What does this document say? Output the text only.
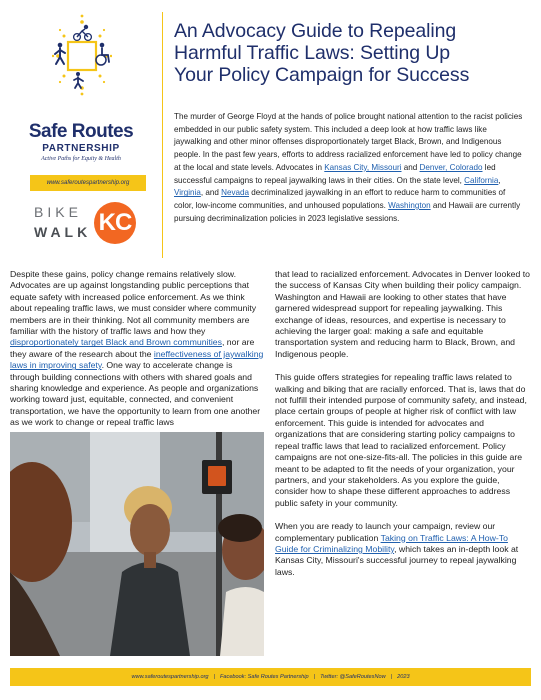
Safe Routes
PARTNERSHIP
Active Paths for Equity & Health
www.saferoutespartnership.org
BIKE
WALK KC
An Advocacy Guide to Repealing
Harmful Traffic Laws: Setting Up
Your Policy Campaign for Success
The murder of George Floyd at the hands of police brought national attention to the racist policies embedded in our public safety system. This included a deep look at how traffic laws like jaywalking and other minor offenses disproportionately target Black, Brown, and Indigenous people. In the past few years, efforts to address racialized enforcement have led to policy change at the local and state levels. Advocates in Kansas City, Missouri and Denver, Colorado led successful campaigns to repeal jaywalking laws in their cities. On the state level, California, Virginia, and Nevada decriminalized jaywalking in an effort to reduce harm to communities of color, low-income communities, and unhoused populations. Washington and Hawaii are currently pursuing decriminalization policies in 2023 legislative sessions.
Despite these gains, policy change remains relatively slow. Advocates are up against longstanding public perceptions that equate safety with increased police enforcement. As we think about repealing traffic laws, we must consider where community members are in their thinking. Not all community members are familiar with the history of traffic laws and how they disproportionately target Black and Brown communities, nor are they aware of the research about the ineffectiveness of jaywalking laws in improving safety. One way to accelerate change is through building connections with others with shared goals and sharing knowledge and experience. As people and organizations working toward just, equitable, connected, and convenient transportation, we have the opportunity to learn from one another as we work to change or repeal traffic laws

that lead to racialized enforcement. Advocates in Denver looked to the success of Kansas City when building their policy campaign. Washington and Hawaii are looking to other states that have garnered widespread support for repealing jaywalking. This exchange of ideas, resources, and expertise is necessary to achieving the larger goal: making a safe and equitable transportation system and reducing harm to Black, Brown, and Indigenous people.

This guide offers strategies for repealing traffic laws related to walking and biking that are racially enforced. That is, laws that do not fulfill their intended purpose of community safety, and instead, place certain groups of people at higher risk of conflict with law enforcement. This guide is intended for advocates and organizations that are considering starting policy campaigns to repeal traffic laws that lead to racialized enforcement. Policy campaigns are not one-size-fits-all. The policies in this guide are meant to be adapted to fit the needs of your organization, your partners, and your stakeholders. As you explore the guide, consider how to shape these different approaches to address public safety in your community.

When you are ready to launch your campaign, review our complementary publication Taking on Traffic Laws: A How-To Guide for Criminalizing Mobility, which takes an in-depth look at Kansas City, Missouri's successful journey to repeal jaywalking laws.

www.saferoutespartnership.org | Facebook: Safe Routes Partnership | Twitter: @SafeRoutesNow | 2023
